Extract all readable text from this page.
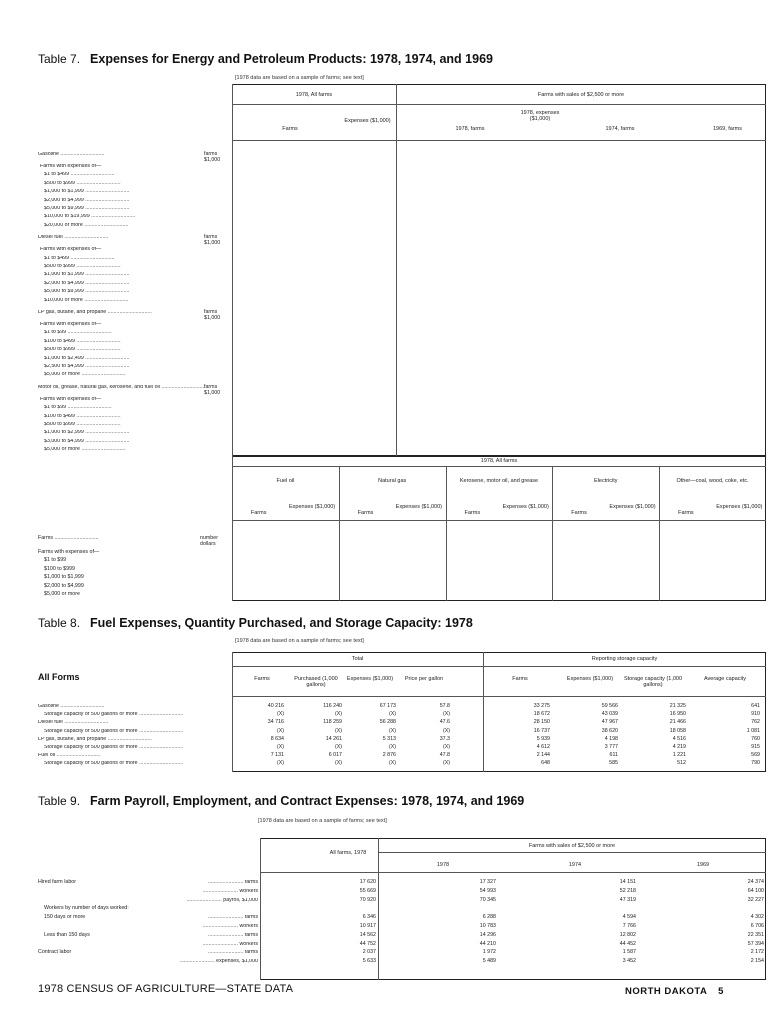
Table 7. Expenses for Energy and Petroleum Products: 1978, 1974, and 1969
[1978 data are based on a sample of farms; see text]
1978, All farms	Farms with sales of $2,500 or more
Farms
Expenses ($1,000)
1978, farms
1978, expenses ($1,000)
1974, farms	1969, farms
Gasoline ..............................	farms
$1,000
Farms with expenses of—
$1 to $499 ..............................
$500 to $999 ..............................
$1,000 to $1,999 ..............................
$2,000 to $4,999 ..............................
$5,000 to $9,999 ..............................
$10,000 to $19,999 ..............................
$20,000 or more ..............................
Diesel fuel ..............................	farms
$1,000
Farms with expenses of—
$1 to $499 ..............................
$500 to $999 ..............................
$1,000 to $1,999 ..............................
$2,000 to $4,999 ..............................
$5,000 to $9,999 ..............................
$10,000 or more ..............................
LP gas, butane, and propane ..............................	farms
$1,000
Farms with expenses of—
$1 to $99 ..............................
$100 to $499 ..............................
$500 to $999 ..............................
$1,000 to $2,499 ..............................
$2,500 to $4,999 ..............................
$5,000 or more ..............................
Motor oil, grease, natural gas, kerosene, and fuel oil ..............................
farms
$1,000
Farms with expenses of—
$1 to $99 ..............................
$100 to $499 ..............................
$500 to $999 ..............................
$1,000 to $2,999 ..............................
$3,000 to $4,999 ..............................
$5,000 or more ..............................
1978, All farms
Fuel oil
Farms
Expenses ($1,000)
Natural gas
Farms
Expenses ($1,000)
Kerosene, motor oil, and grease
Farms
Expenses ($1,000)
Electricity
Farms
Expenses ($1,000)
Other—coal, wood, coke, etc.
Farms
Expenses ($1,000)
Farms ..............................	number
dollars
Farms with expenses of—
$1 to $99
$100 to $999
$1,000 to $1,999
$2,000 to $4,999
$5,000 or more
Table 8. Fuel Expenses, Quantity Purchased, and Storage Capacity: 1978
[1978 data are based on a sample of farms; see text]
All Forms
Total	Reporting storage capacity
Farms	Purchased (1,000 gallons)
Expenses ($1,000)	Price per gallon	Farms	Expenses ($1,000)	Storage capacity (1,000 gallons)
Average capacity
Gasoline ..............................	40 216	116 240	67 173	57.8	33 275	59 566	21 325	641
Storage capacity of 500 gallons or more ..............................	(X)	(X)	(X)	(X)	18 672	43 039	16 950	910
Diesel fuel ..............................	34 716	118 259	56 288	47.6	28 150	47 967	21 466	762
Storage capacity of 500 gallons or more ..............................	(X)	(X)	(X)	(X)	16 737	38 620	18 058	1 081
LP gas, butane, and propane ..............................	8 634	14 261	5 313	37.3	5 939	4 198	4 516	760
Storage capacity of 500 gallons or more ..............................	(X)	(X)	(X)	(X)	4 612	3 777	4 219	915
Fuel oil ..............................	7 131	6 017	2 876	47.8	2 144	611	1 221	569
Storage capacity of 500 gallons or more ..............................	(X)	(X)	(X)	(X)	648	585	512	790
Table 9. Farm Payroll, Employment, and Contract Expenses: 1978, 1974, and 1969
[1978 data are based on a sample of farms; see text]
All farms, 1978
Farms with sales of $2,500 or more
1978	1974	1969
Hired farm labor	........................ farms	17 620	17 327	14 151	24 374
........................ workers	55 669	54 993	52 218	64 100
........................ payroll, $1,000	70 920	70 345	47 319	32 227
Workers by number of days worked:
150 days or more	........................ farms	6 346	6 288	4 594	4 302
........................ workers	10 917	10 783	7 766	6 706
Less than 150 days	........................ farms	14 562	14 296	12 802	22 351
........................ workers	44 752	44 210	44 452	57 394
Contract labor	........................ farms	2 037	1 972	1 587	2 172
........................ expenses, $1,000	5 633	5 489	3 452	2 154
1978 CENSUS OF AGRICULTURE—STATE DATA	NORTH DAKOTA 5
